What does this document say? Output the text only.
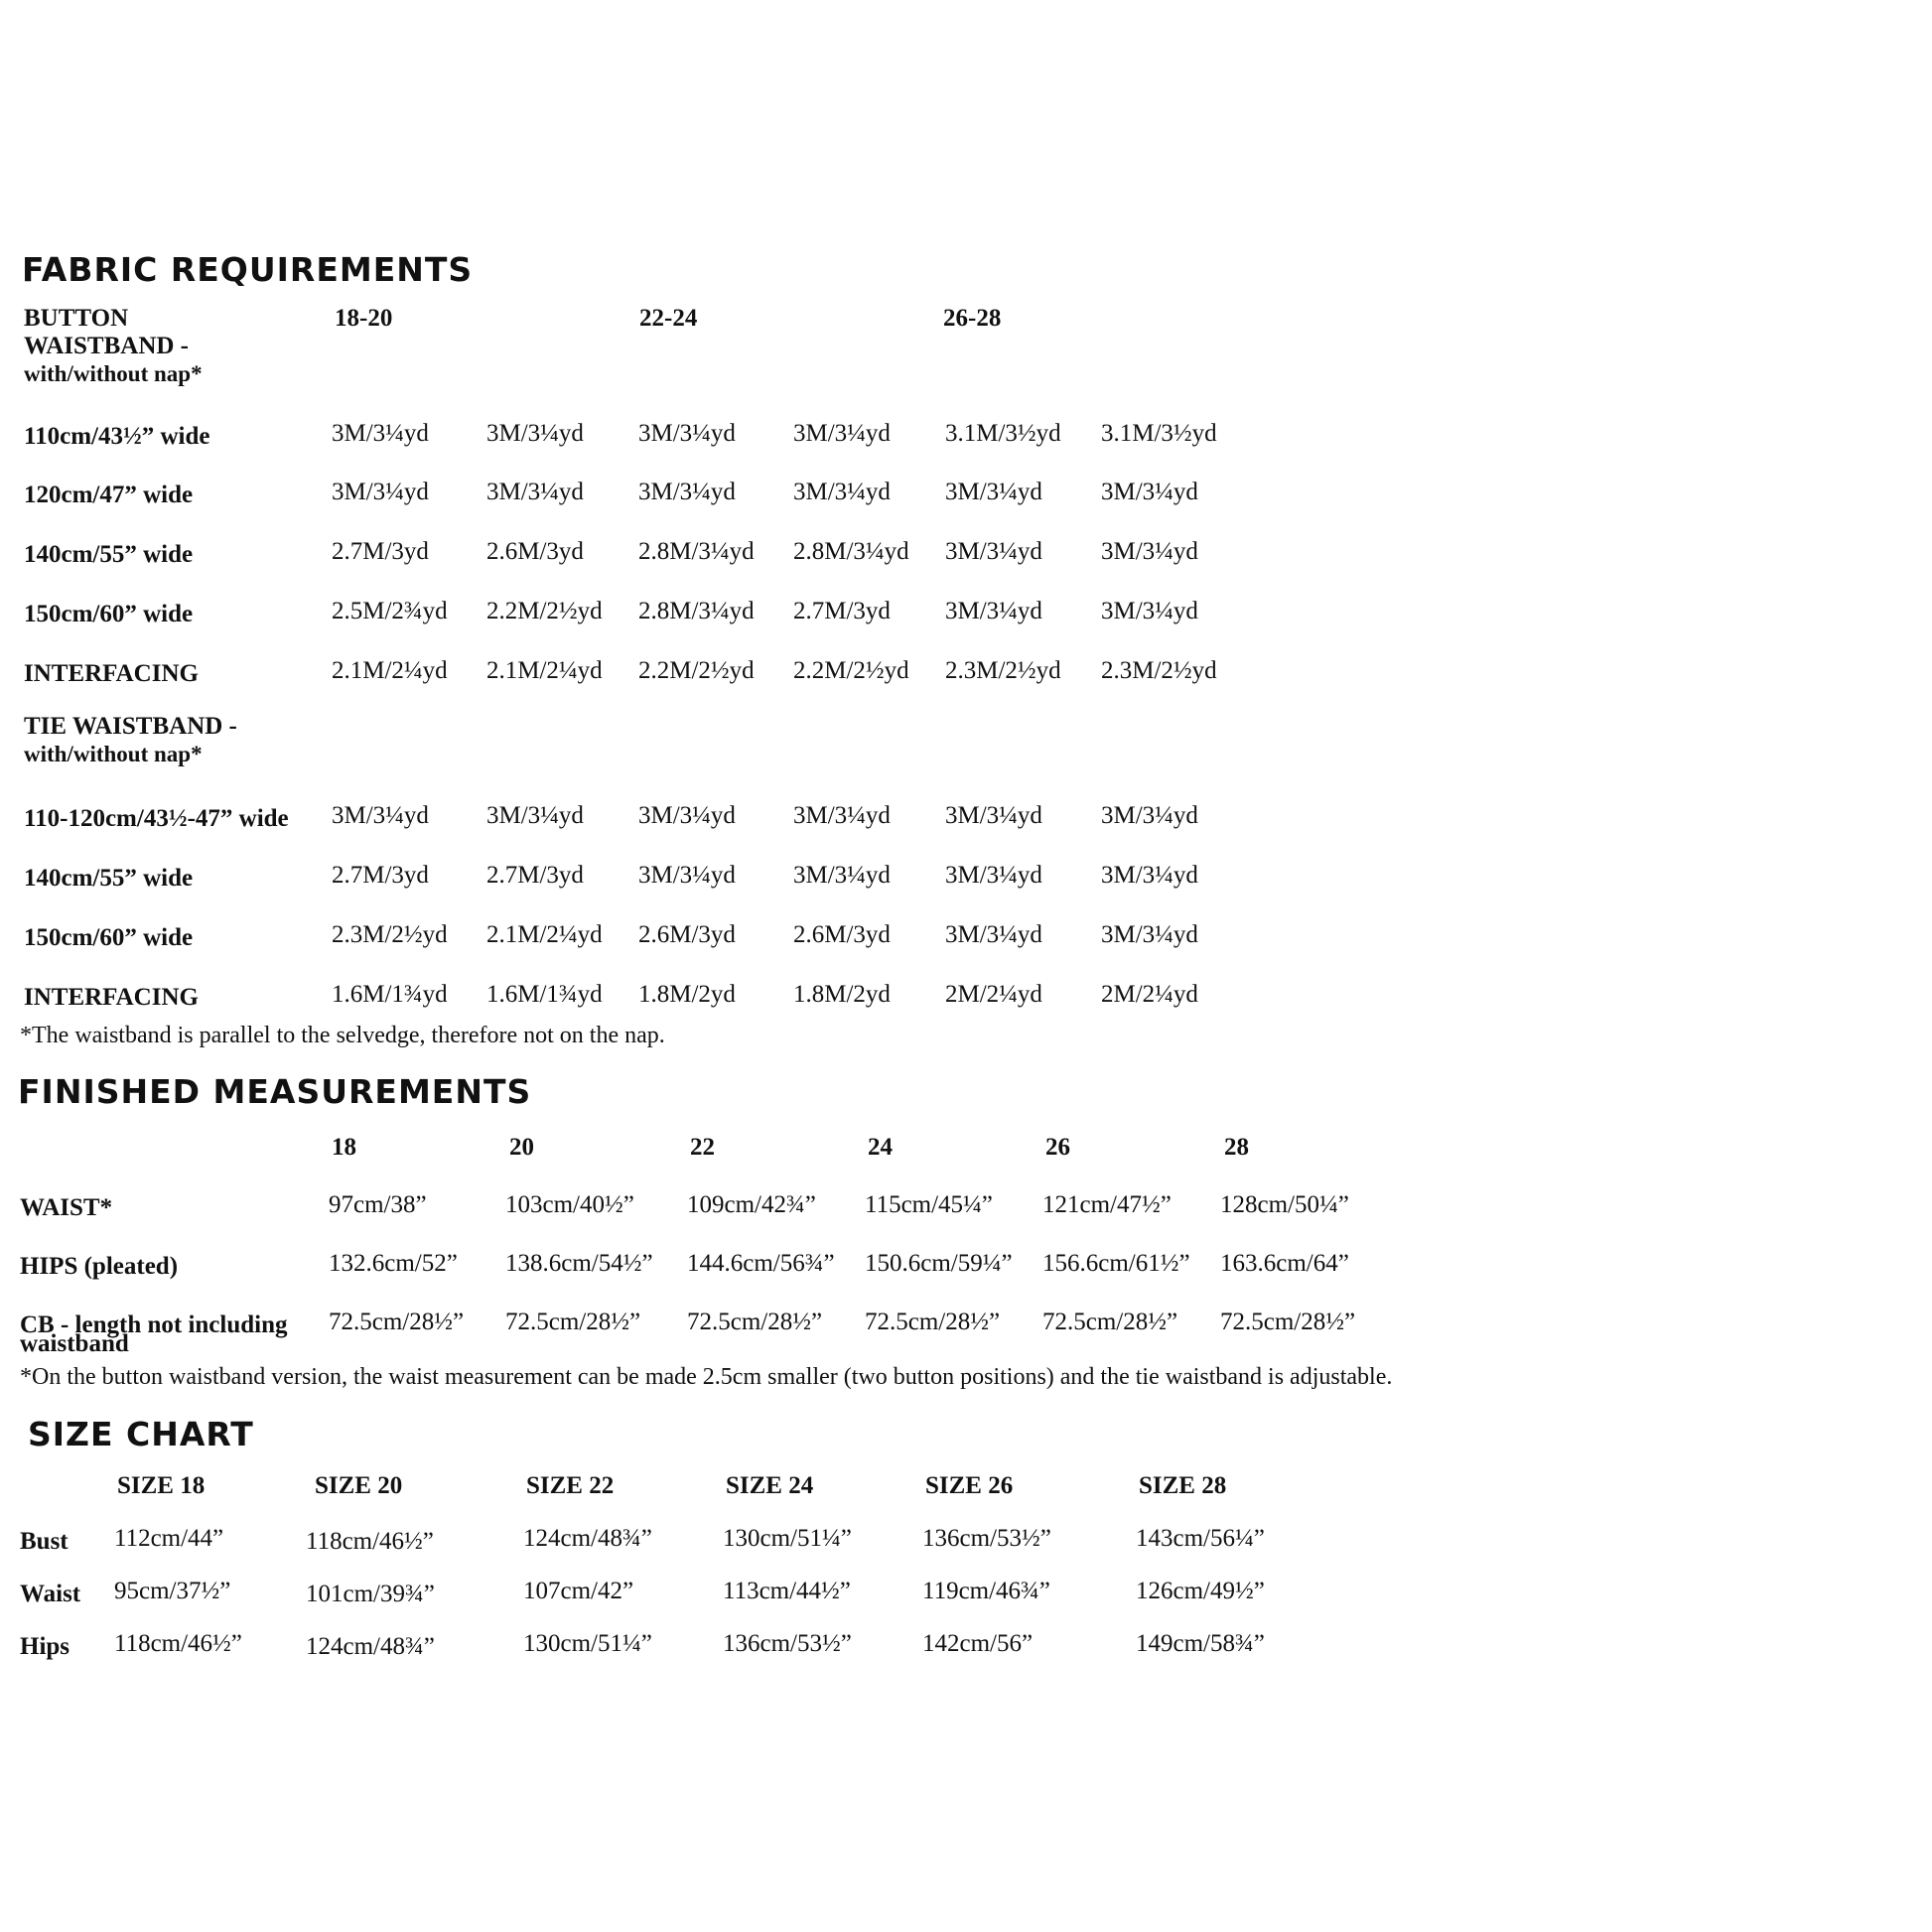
FABRIC REQUIREMENTS
BUTTON
WAISTBAND -
with/without nap*
18-20	22-24	26-28
110cm/43½” wide	3M/3¼yd 3M/3¼yd 3M/3¼yd 3M/3¼yd 3.1M/3½yd 3.1M/3½yd
120cm/47” wide	3M/3¼yd 3M/3¼yd 3M/3¼yd 3M/3¼yd 3M/3¼yd 3M/3¼yd
140cm/55” wide	2.7M/3yd 2.6M/3yd 2.8M/3¼yd 2.8M/3¼yd 3M/3¼yd 3M/3¼yd
150cm/60” wide	2.5M/2¾yd 2.2M/2½yd 2.8M/3¼yd 2.7M/3yd 3M/3¼yd 3M/3¼yd
INTERFACING	2.1M/2¼yd 2.1M/2¼yd 2.2M/2½yd 2.2M/2½yd 2.3M/2½yd 2.3M/2½yd
TIE WAISTBAND -
with/without nap*
110-120cm/43½-47” wide 3M/3¼yd 3M/3¼yd 3M/3¼yd 3M/3¼yd 3M/3¼yd 3M/3¼yd
140cm/55” wide	2.7M/3yd 2.7M/3yd 3M/3¼yd 3M/3¼yd 3M/3¼yd 3M/3¼yd
150cm/60” wide	2.3M/2½yd 2.1M/2¼yd 2.6M/3yd 2.6M/3yd 3M/3¼yd 3M/3¼yd
INTERFACING	1.6M/1¾yd 1.6M/1¾yd 1.8M/2yd 1.8M/2yd 2M/2¼yd 2M/2¼yd
*The waistband is parallel to the selvedge, therefore not on the nap.
FINISHED MEASUREMENTS
18	20	22	24	26	28
WAIST*	97cm/38”	103cm/40½” 109cm/42¾” 115cm/45¼” 121cm/47½” 128cm/50¼”
HIPS (pleated)	132.6cm/52” 138.6cm/54½” 144.6cm/56¾” 150.6cm/59¼” 156.6cm/61½” 163.6cm/64”
CB - length not including 72.5cm/28½” 72.5cm/28½” 72.5cm/28½” 72.5cm/28½” 72.5cm/28½” 72.5cm/28½”
waistband
*On the button waistband version, the waist measurement can be made 2.5cm smaller (two button positions) and the tie waistband is adjustable.
SIZE CHART
SIZE 18	SIZE 20	SIZE 22	SIZE 24	SIZE 26	SIZE 28
Bust 112cm/44”	118cm/46½”	124cm/48¾”	130cm/51¼”	136cm/53½”	143cm/56¼”
Waist 95cm/37½”	101cm/39¾”	107cm/42”	113cm/44½”	119cm/46¾”	126cm/49½”
Hips 118cm/46½”	124cm/48¾”	130cm/51¼”	136cm/53½”	142cm/56”	149cm/58¾”
